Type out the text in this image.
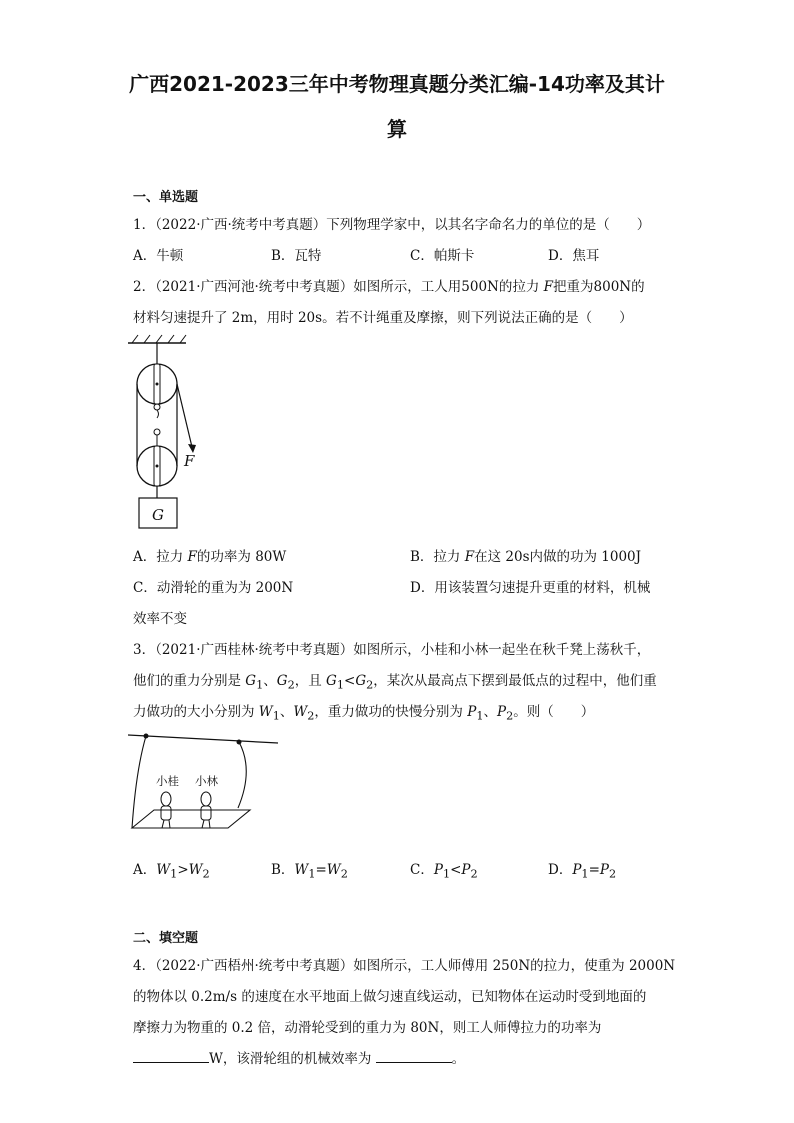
广西2021-2023三年中考物理真题分类汇编-14功率及其计
算
一、单选题
1．（2022·广西·统考中考真题）下列物理学家中，以其名字命名力的单位的是（　　）
A．牛顿	B．瓦特	C．帕斯卡	D．焦耳
2．（2021·广西河池·统考中考真题）如图所示，工人用500N的拉力 F把重为800N的
材料匀速提升了 2m，用时 20s。若不计绳重及摩擦，则下列说法正确的是（　　）
F
G
A．拉力 F的功率为 80W	B．拉力 F在这 20s内做的功为 1000J
C．动滑轮的重为为 200N	D．用该装置匀速提升更重的材料，机械
效率不变
3．（2021·广西桂林·统考中考真题）如图所示，小桂和小林一起坐在秋千凳上荡秋千，
他们的重力分别是 $G_1$、$G_2$，且 $G_1<G_2$，某次从最高点下摆到最低点的过程中，他们重
力做功的大小分别为 $W_1$、$W_2$，重力做功的快慢分别为 $P_1$、$P_2$。则（　　）
小桂 小林
A．$W_1>W_2$	B．$W_1=W_2$	C．$P_1<P_2$	D．$P_1=P_2$
二、填空题
4．（2022·广西梧州·统考中考真题）如图所示，工人师傅用 250N的拉力，使重为 2000N
的物体以 0.2m/s 的速度在水平地面上做匀速直线运动，已知物体在运动时受到地面的
摩擦力为物重的 0.2 倍，动滑轮受到的重力为 80N，则工人师傅拉力的功率为
W，该滑轮组的机械效率为	。
